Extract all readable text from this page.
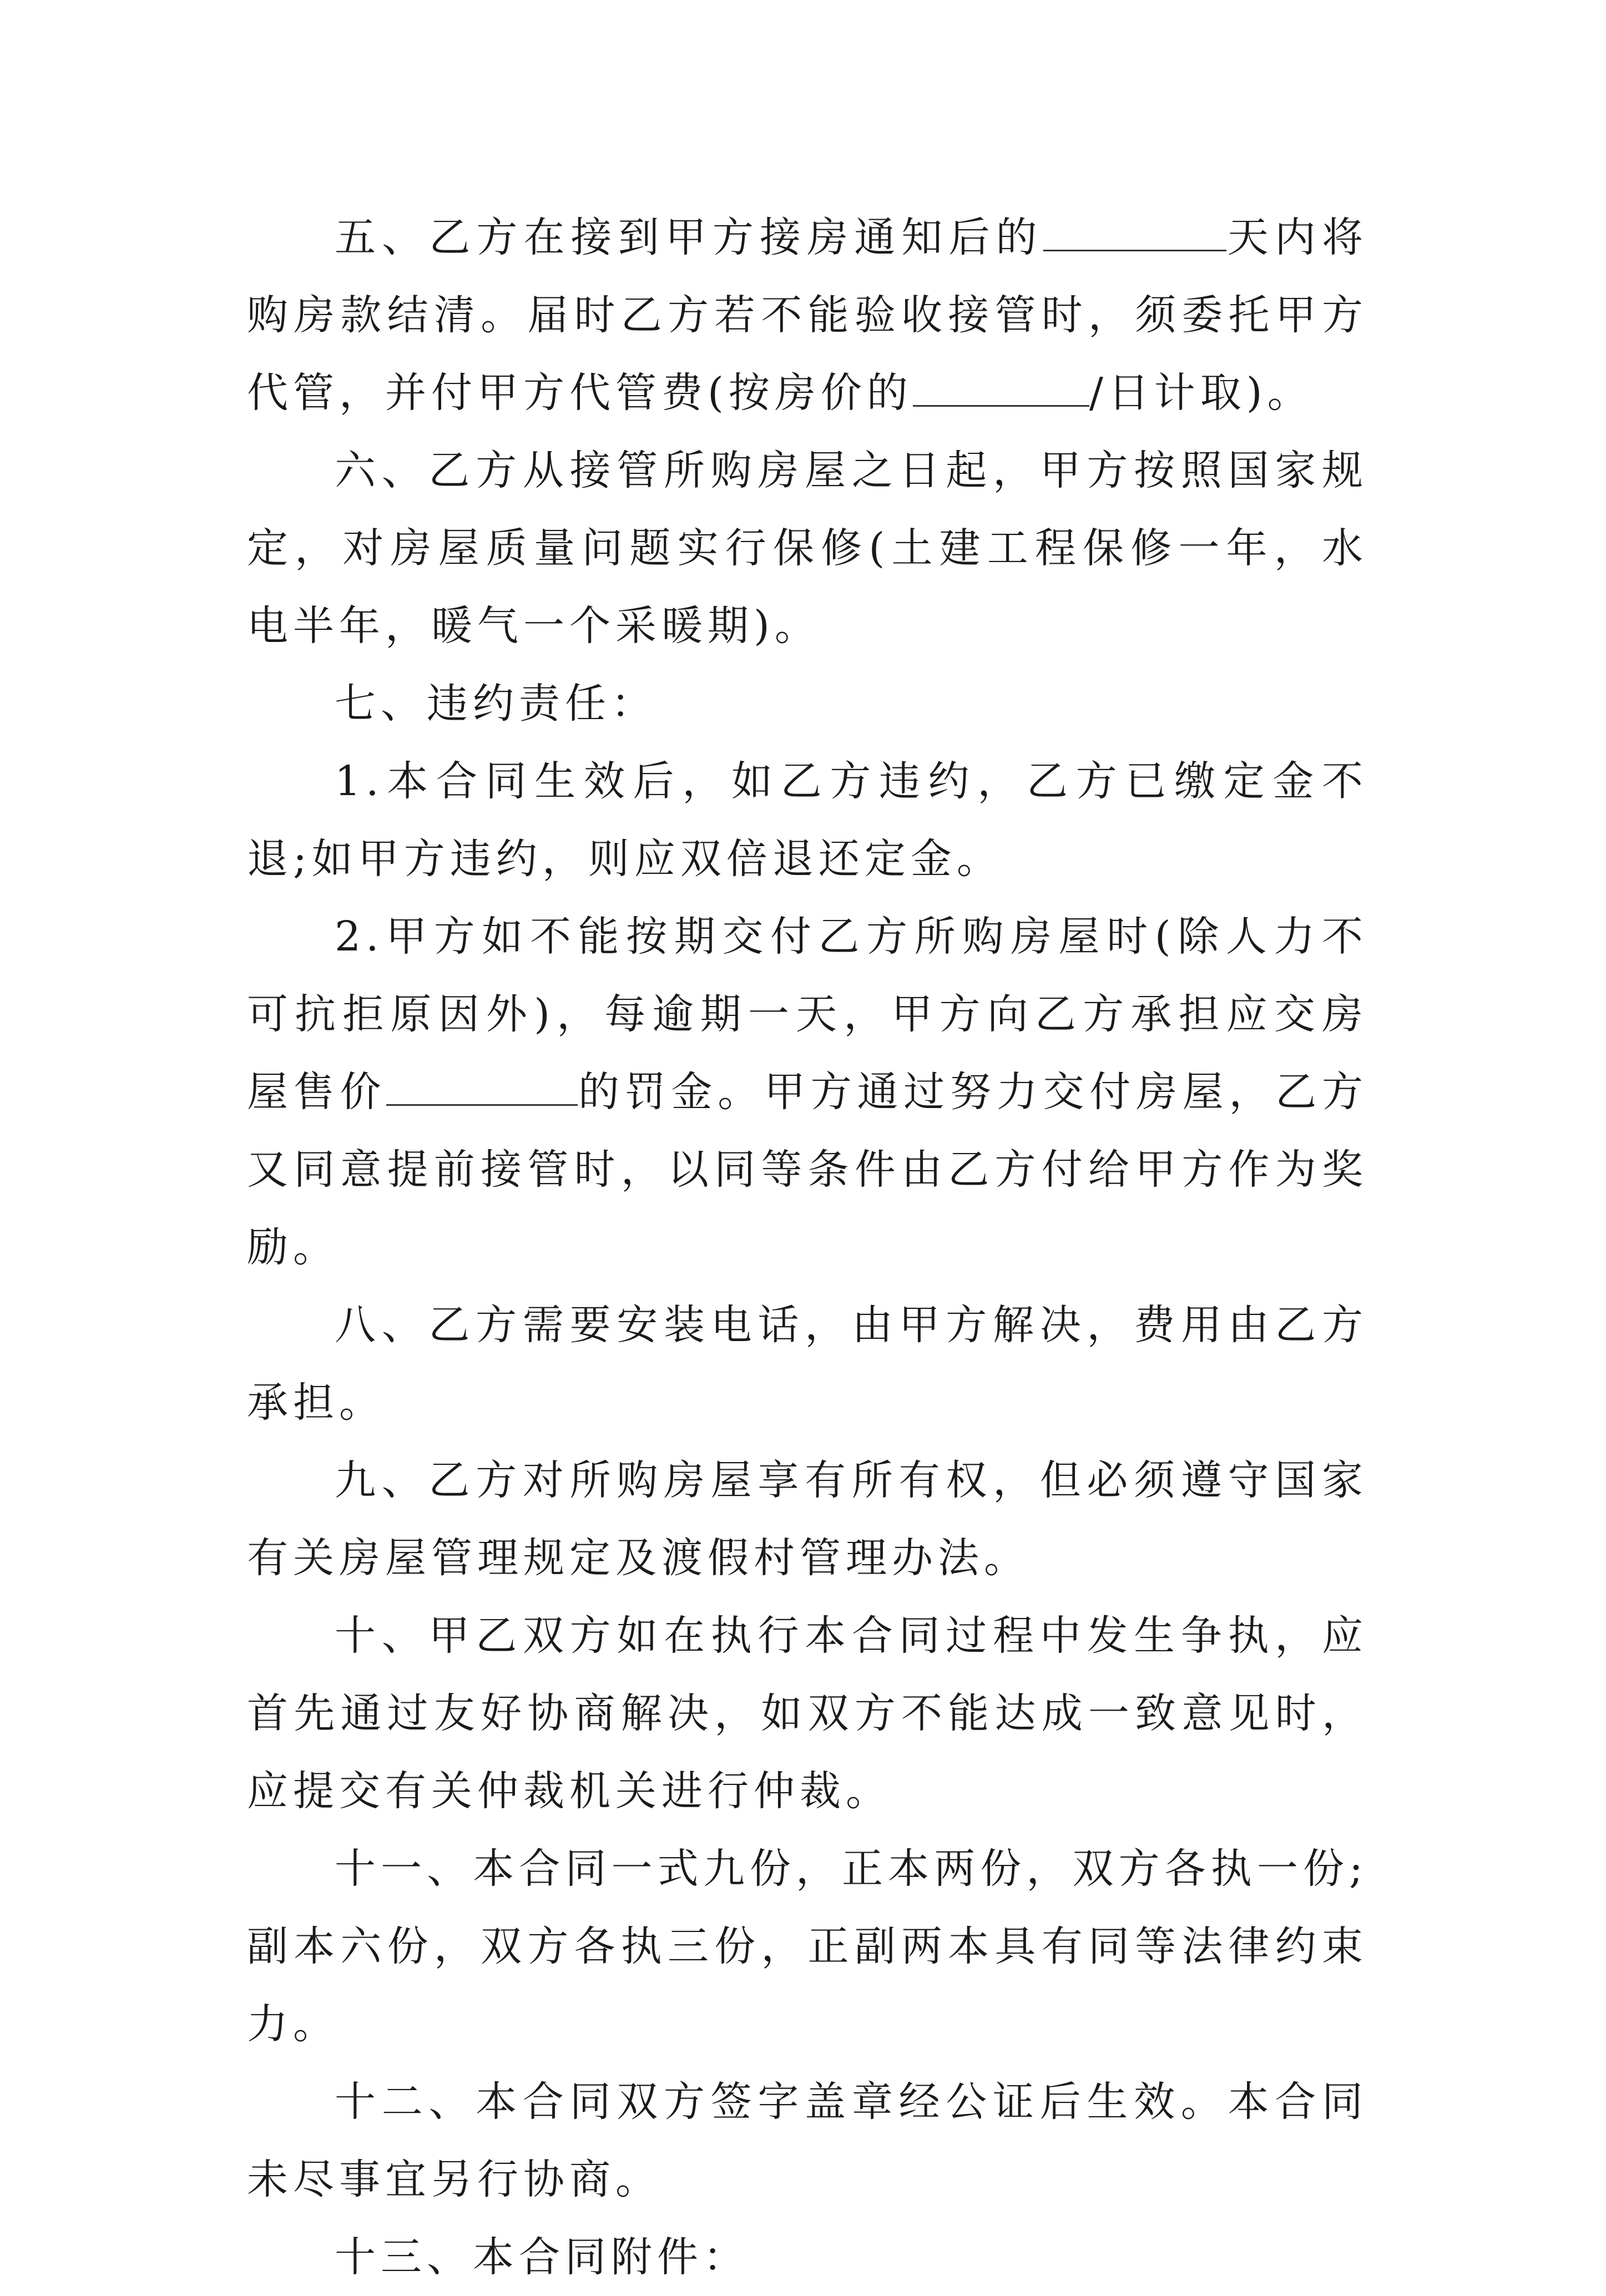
五、乙方在接到甲方接房通知后的	天内将购房款结清。届时乙方若不能验收接管时，须委托甲方代管，并付甲方代管费(按房价的	/日计取)。

六、乙方从接管所购房屋之日起，甲方按照国家规定，对房屋质量问题实行保修(土建工程保修一年，水电半年，暖气一个采暖期)。

七、违约责任：

1.本合同生效后，如乙方违约，乙方已缴定金不退;如甲方违约，则应双倍退还定金。

2.甲方如不能按期交付乙方所购房屋时(除人力不可抗拒原因外)，每逾期一天，甲方向乙方承担应交房屋售价	的罚金。甲方通过努力交付房屋，乙方又同意提前接管时，以同等条件由乙方付给甲方作为奖励。

八、乙方需要安装电话，由甲方解决，费用由乙方承担。

九、乙方对所购房屋享有所有权，但必须遵守国家有关房屋管理规定及渡假村管理办法。

十、甲乙双方如在执行本合同过程中发生争执，应首先通过友好协商解决，如双方不能达成一致意见时，应提交有关仲裁机关进行仲裁。

十一、本合同一式九份，正本两份，双方各执一份;副本六份，双方各执三份，正副两本具有同等法律约束力。

十二、本合同双方签字盖章经公证后生效。本合同未尽事宜另行协商。

十三、本合同附件：
